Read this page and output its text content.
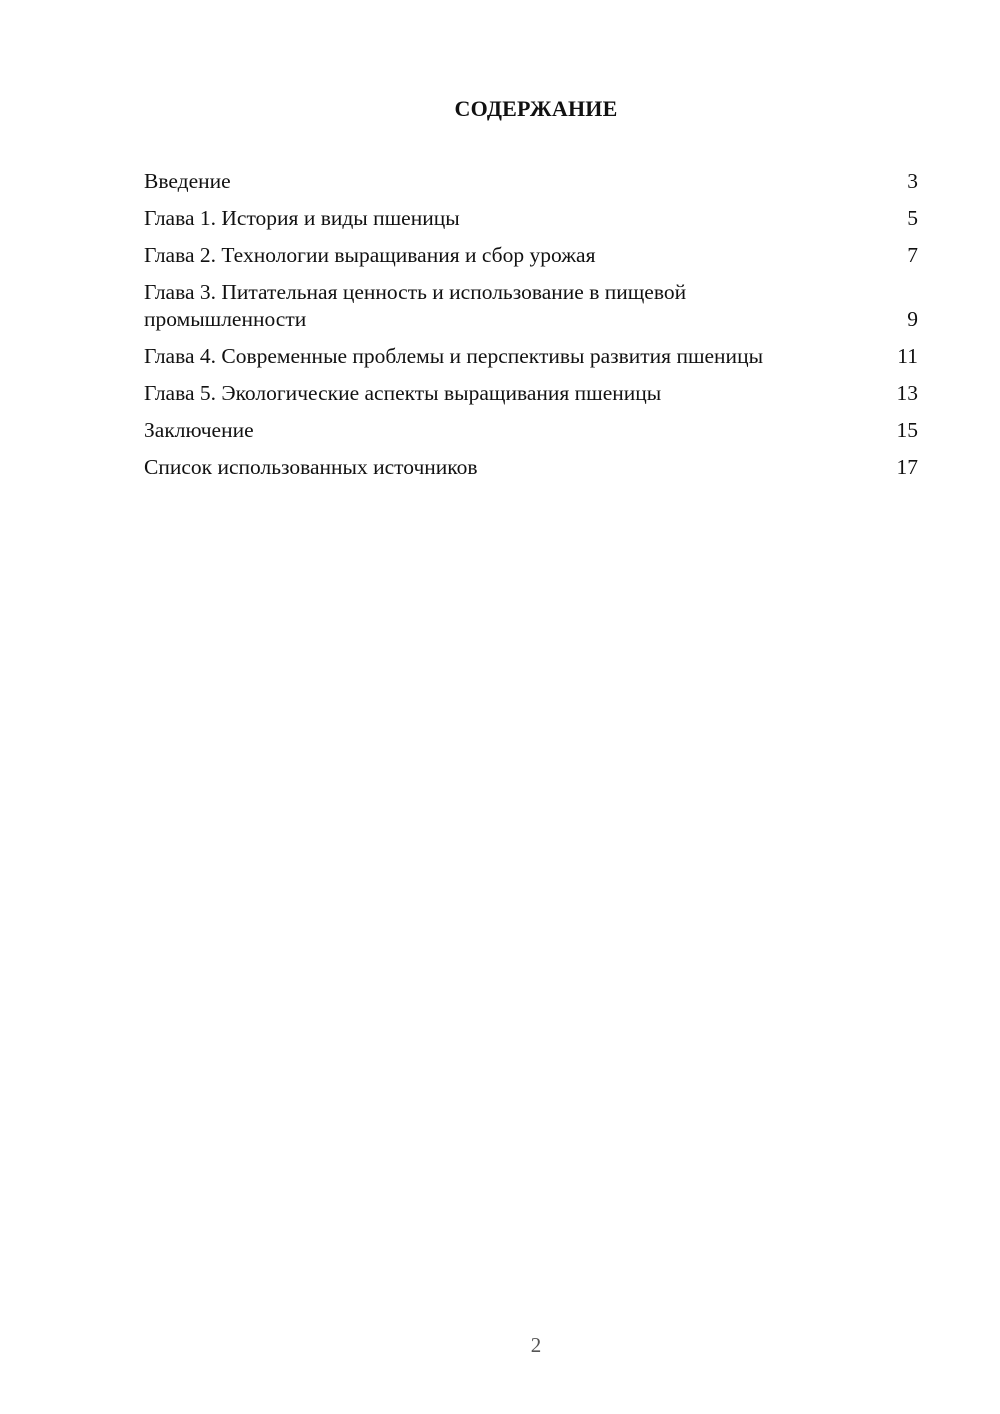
СОДЕРЖАНИЕ
Введение	3
Глава 1. История и виды пшеницы	5
Глава 2. Технологии выращивания и сбор урожая	7
Глава 3. Питательная ценность и использование в пищевой промышленности	9
Глава 4. Современные проблемы и перспективы развития пшеницы	11
Глава 5. Экологические аспекты выращивания пшеницы	13
Заключение	15
Список использованных источников	17
2
